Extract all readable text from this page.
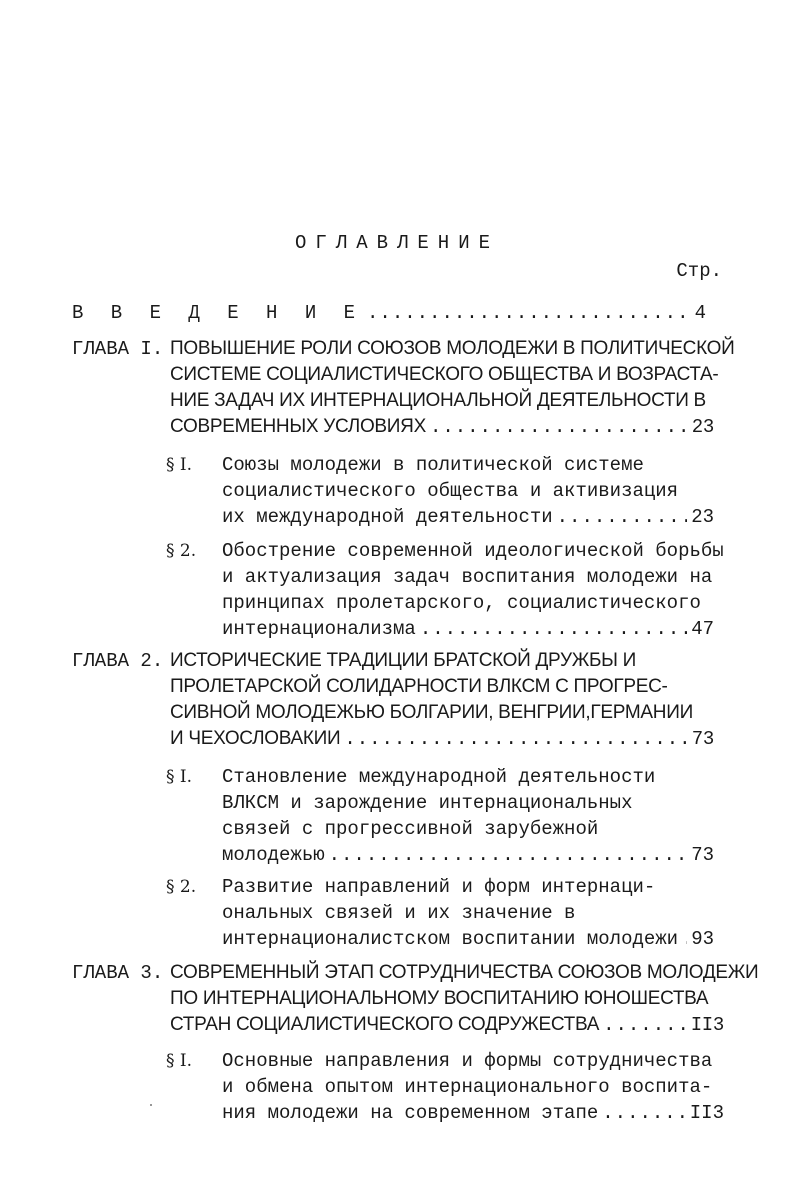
ОГЛАВЛЕНИЕ
Стр.
В В Е Д Е Н И Е .....	4
ГЛАВА I. ПОВЫШЕНИЕ РОЛИ СОЮЗОВ МОЛОДЕЖИ В ПОЛИТИЧЕСКОЙ
СИСТЕМЕ СОЦИАЛИСТИЧЕСКОГО ОБЩЕСТВА И ВОЗРАСТА-
НИЕ ЗАДАЧ ИХ ИНТЕРНАЦИОНАЛЬНОЙ ДЕЯТЕЛЬНОСТИ В
СОВРЕМЕННЫХ УСЛОВИЯХ .....	23
§ I. Союзы молодежи в политической системе
социалистического общества и активизация
их международной деятельности .....	23
§ 2. Обострение современной идеологической борьбы
и актуализация задач воспитания молодежи на
принципах пролетарского, социалистического
интернационализма .....	47
ГЛАВА 2. ИСТОРИЧЕСКИЕ ТРАДИЦИИ БРАТСКОЙ ДРУЖБЫ И
ПРОЛЕТАРСКОЙ СОЛИДАРНОСТИ ВЛКСМ С ПРОГРЕС-
СИВНОЙ МОЛОДЕЖЬЮ БОЛГАРИИ, ВЕНГРИИ,ГЕРМАНИИ
И ЧЕХОСЛОВАКИИ .....	73
§ I. Становление международной деятельности
ВЛКСМ и зарождение интернациональных
связей с прогрессивной зарубежной
молодежью .....	73
§ 2. Развитие направлений и форм интернаци-
ональных связей и их значение в
интернационалистском воспитании молодежи ..... 93
ГЛАВА 3. СОВРЕМЕННЫЙ ЭТАП СОТРУДНИЧЕСТВА СОЮЗОВ МОЛОДЕЖИ
ПО ИНТЕРНАЦИОНАЛЬНОМУ ВОСПИТАНИЮ ЮНОШЕСТВА
СТРАН СОЦИАЛИСТИЧЕСКОГО СОДРУЖЕСТВА .....	II3
§ I. Основные направления и формы сотрудничества
и обмена опытом интернационального воспита-
ния молодежи на современном этапе .....	II3
